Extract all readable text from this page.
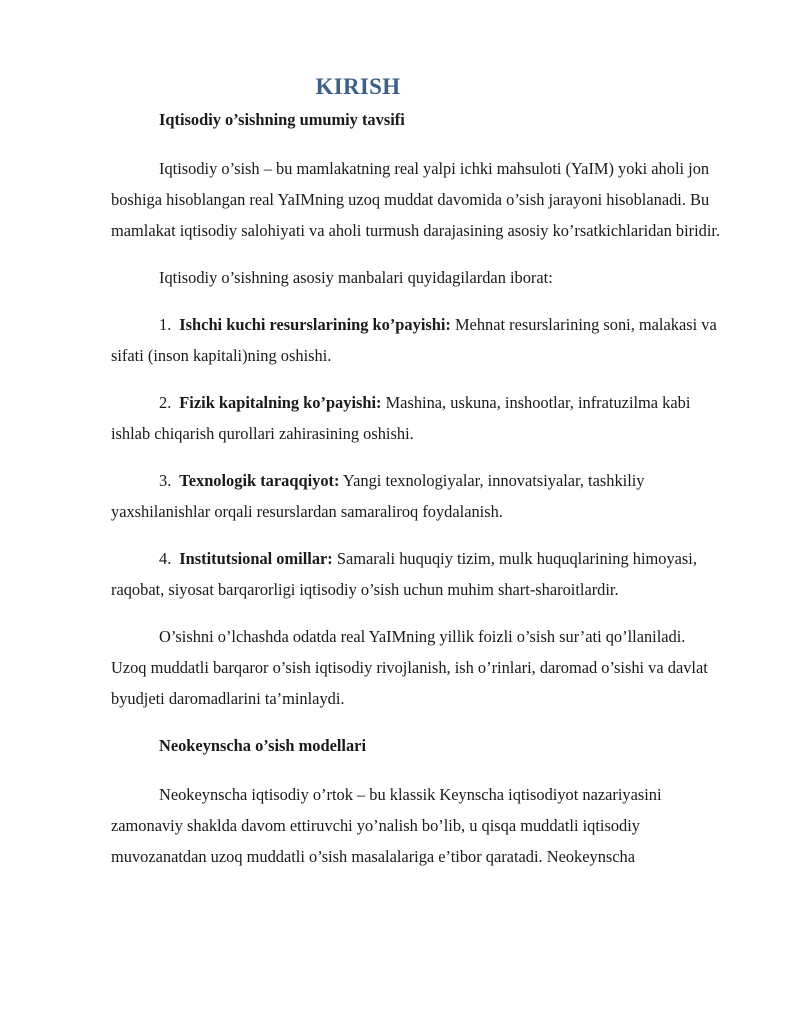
KIRISH

Iqtisodiy o’sishning umumiy tavsifi

Iqtisodiy o’sish – bu mamlakatning real yalpi ichki mahsuloti (YaIM) yoki aholi jon boshiga hisoblangan real YaIMning uzoq muddat davomida o’sish jarayoni hisoblanadi. Bu mamlakat iqtisodiy salohiyati va aholi turmush darajasining asosiy ko’rsatkichlaridan biridir.

Iqtisodiy o’sishning asosiy manbalari quyidagilardan iborat:

1. Ishchi kuchi resurslarining ko’payishi: Mehnat resurslarining soni, malakasi va sifati (inson kapitali)ning oshishi.

2. Fizik kapitalning ko’payishi: Mashina, uskuna, inshootlar, infratuzilma kabi ishlab chiqarish qurollari zahirasining oshishi.

3. Texnologik taraqqiyot: Yangi texnologiyalar, innovatsiyalar, tashkiliy yaxshilanishlar orqali resurslardan samaraliroq foydalanish.

4. Institutsional omillar: Samarali huquqiy tizim, mulk huquqlarining himoyasi, raqobat, siyosat barqarorligi iqtisodiy o’sish uchun muhim shart-sharoitlardir.

O’sishni o’lchashda odatda real YaIMning yillik foizli o’sish sur’ati qo’llaniladi. Uzoq muddatli barqaror o’sish iqtisodiy rivojlanish, ish o’rinlari, daromad o’sishi va davlat byudjeti daromadlarini ta’minlaydi.

Neokeynscha o’sish modellari

Neokeynscha iqtisodiy o’rtok – bu klassik Keynscha iqtisodiyot nazariyasini zamonaviy shaklda davom ettiruvchi yo’nalish bo’lib, u qisqa muddatli iqtisodiy muvozanatdan uzoq muddatli o’sish masalalariga e’tibor qaratadi. Neokeynscha
